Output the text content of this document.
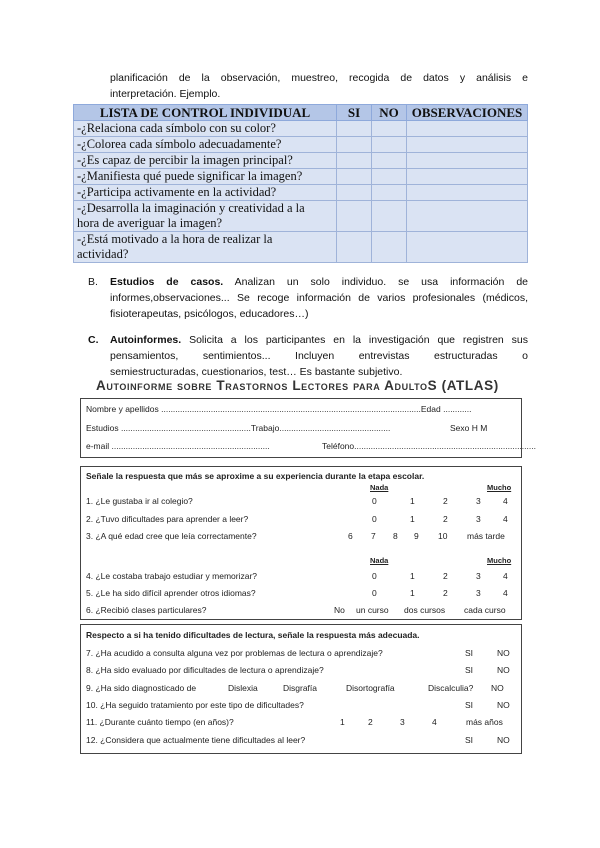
planificación de la observación, muestreo, recogida de datos y análisis e
interpretación. Ejemplo.
LISTA DE CONTROL INDIVIDUAL	SI	NO	OBSERVACIONES
-¿Relaciona cada símbolo con su color?			
-¿Colorea cada símbolo adecuadamente?			
-¿Es capaz de percibir la imagen principal?			
-¿Manifiesta qué puede significar la imagen?			
-¿Participa activamente en la actividad?			
-¿Desarrolla la imaginación y creatividad a la
hora de averiguar la imagen?			
-¿Está motivado a la hora de realizar la
actividad?			
B. Estudios de casos. Analizan un solo individuo. se usa información de
informes,observaciones... Se recoge información de varios profesionales (médicos,
fisioterapeutas, psicólogos, educadores…)
C. Autoinformes. Solicita a los participantes en la investigación que registren sus
pensamientos,   sentimientos...   Incluyen   entrevistas   estructuradas   o
semiestructuradas, cuestionarios, test… Es bastante subjetivo.
Autoinforme sobre Trastornos Lectores para AdultoS (ATLAS)
Nombre y apellidos ..............................................................................................................Edad ............
Estudios .......................................................Trabajo...............................................	Sexo H M
e-mail ...................................................................	Teléfono.............................................................................
Señale la respuesta que más se aproxime a su experiencia durante la etapa escolar.
Nada	Mucho
1. ¿Le gustaba ir al colegio?	0	1	2	3	4
2. ¿Tuvo dificultades para aprender a leer?	0	1	2	3	4
3. ¿A qué edad cree que leía correctamente?	6 7 8 9 10 más tarde
Nada	Mucho
4. ¿Le costaba trabajo estudiar y memorizar?	0	1	2	3	4
5. ¿Le ha sido difícil aprender otros idiomas?	0	1	2	3	4
6. ¿Recibió clases particulares?	No un curso dos cursos cada curso
Respecto a si ha tenido dificultades de lectura, señale la respuesta más adecuada.
7. ¿Ha acudido a consulta alguna vez por problemas de lectura o aprendizaje?	SI	NO
8. ¿Ha sido evaluado por dificultades de lectura o aprendizaje?	SI	NO
9. ¿Ha sido diagnosticado de	Dislexia	Disgrafía	Disortografía	Discalculia? NO
10. ¿Ha seguido tratamiento por este tipo de dificultades?	SI	NO
11. ¿Durante cuánto tiempo (en años)?	1	2	3	4	más años
12. ¿Considera que actualmente tiene dificultades al leer?	SI	NO
